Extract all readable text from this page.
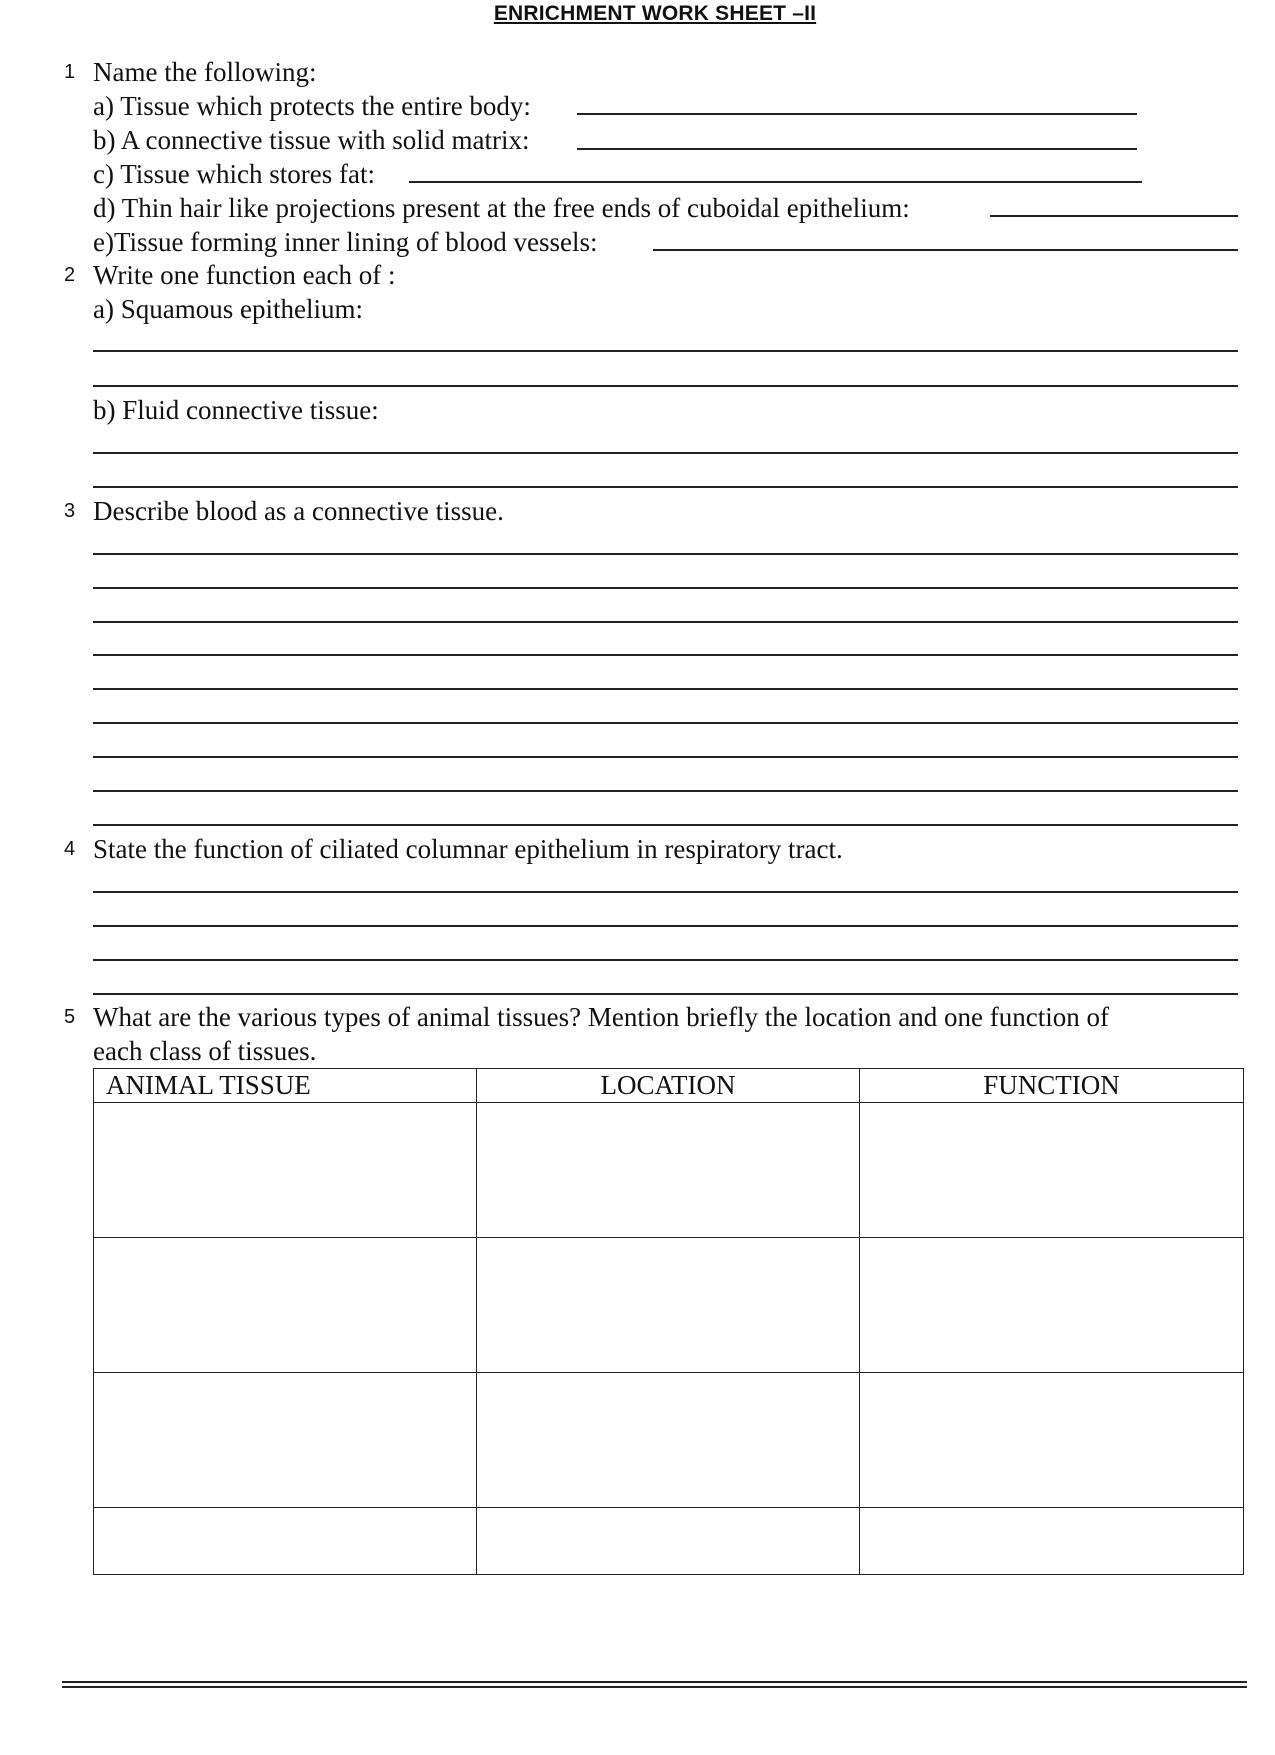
ENRICHMENT WORK SHEET –II
1 Name the following:
a) Tissue which protects the entire body:
b) A connective tissue with solid matrix:
c) Tissue which stores fat:
d) Thin hair like projections present at the free ends of cuboidal epithelium:
e)Tissue forming inner lining of blood vessels:
2 Write one function each of :
a) Squamous epithelium:
b) Fluid connective tissue:
3 Describe blood as a connective tissue.
4 State the function of ciliated columnar epithelium in respiratory tract.
5 What are the various types of animal tissues? Mention briefly the location and one function of
each class of tissues.
ANIMAL TISSUE	LOCATION	FUNCTION
